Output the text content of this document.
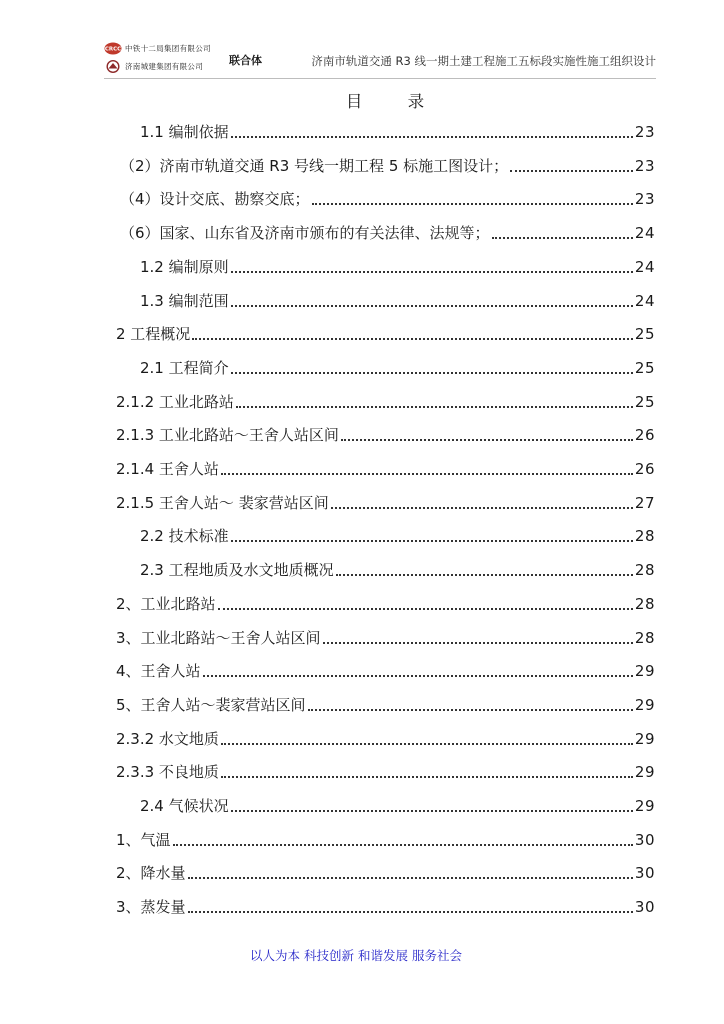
CRCC 中铁十二局集团有限公司
济南城建集团有限公司 联合体	济南市轨道交通 R3 线一期土建工程施工五标段实施性施工组织设计
目 录
1.1 编制依据	23
（2）济南市轨道交通 R3 号线一期工程 5 标施工图设计；	23
（4）设计交底、勘察交底；	23
（6）国家、山东省及济南市颁布的有关法律、法规等；	24
1.2 编制原则	24
1.3 编制范围	24
2 工程概况	25
2.1 工程简介	25
2.1.2 工业北路站	25
2.1.3 工业北路站～王舍人站区间	26
2.1.4 王舍人站	26
2.1.5 王舍人站～ 裴家营站区间	27
2.2 技术标准	28
2.3 工程地质及水文地质概况	28
2、工业北路站	28
3、工业北路站～王舍人站区间	28
4、王舍人站	29
5、王舍人站～裴家营站区间	29
2.3.2 水文地质	29
2.3.3 不良地质	29
2.4 气候状况	29
1、气温	30
2、降水量	30
3、蒸发量	30
以人为本 科技创新 和谐发展 服务社会
